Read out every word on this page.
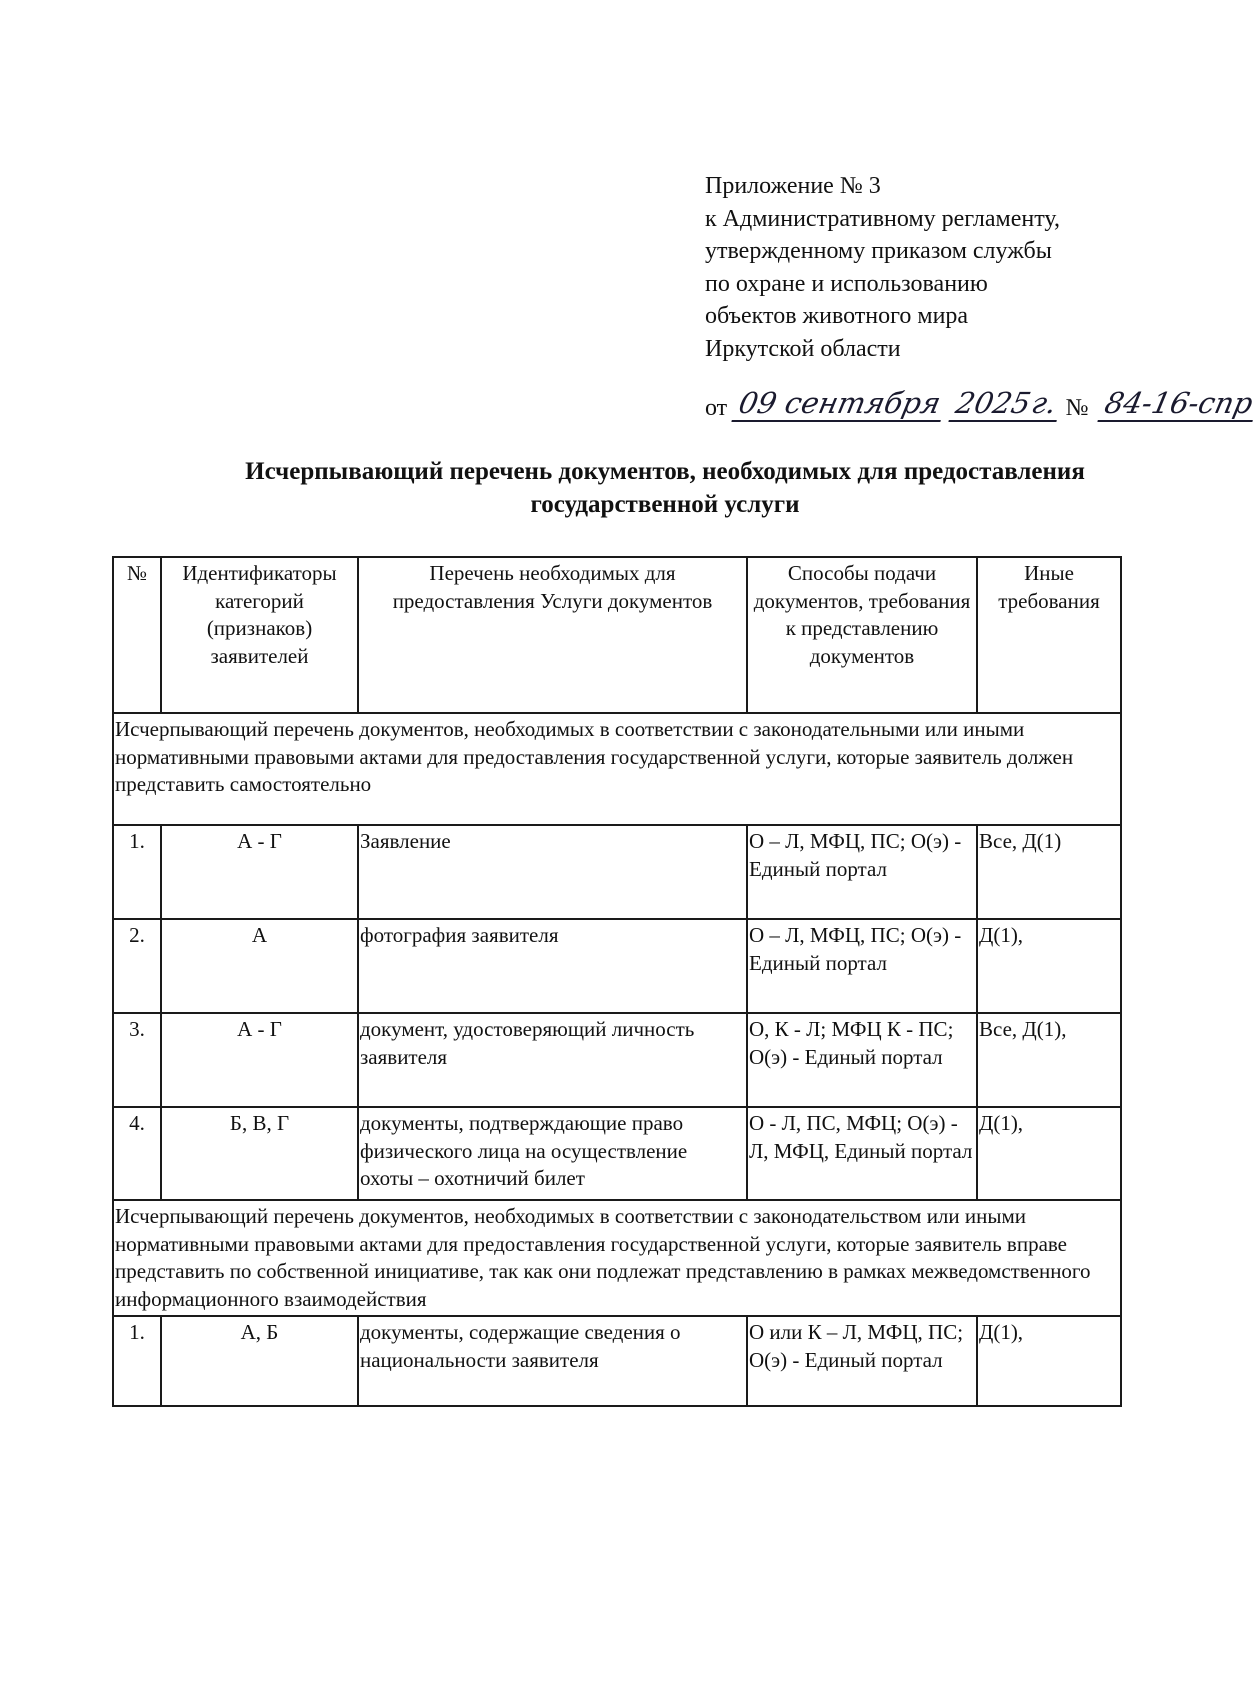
Приложение № 3
к Административному регламенту,
утвержденному приказом службы
по охране и использованию
объектов животного мира
Иркутской области
от 09 сентября 2025г. № 84-16-спр
Исчерпывающий перечень документов, необходимых для предоставления
государственной услуги
№	Идентификаторы категорий (признаков) заявителей	Перечень необходимых для предоставления Услуги документов	Способы подачи документов, требования к представлению документов	Иные требования
Исчерпывающий перечень документов, необходимых в соответствии с законодательными или иными нормативными правовыми актами для предоставления государственной услуги, которые заявитель должен представить самостоятельно				
1.	А - Г	Заявление	О – Л, МФЦ, ПС; О(э) - Единый портал	Все, Д(1)
2.	А	фотография заявителя	О – Л, МФЦ, ПС; О(э) - Единый портал	Д(1),
3.	А - Г	документ, удостоверяющий личность заявителя	О, К - Л; МФЦ К - ПС; О(э) - Единый портал	Все, Д(1),
4.	Б, В, Г	документы, подтверждающие право физического лица на осуществление охоты – охотничий билет	О - Л, ПС, МФЦ; О(э) - Л, МФЦ, Единый портал	Д(1),
Исчерпывающий перечень документов, необходимых в соответствии с законодательством или иными нормативными правовыми актами для предоставления государственной услуги, которые заявитель вправе представить по собственной инициативе, так как они подлежат представлению в рамках межведомственного информационного взаимодействия				
1.	А, Б	документы, содержащие сведения о национальности заявителя	О или К – Л, МФЦ, ПС; О(э) - Единый портал	Д(1),
